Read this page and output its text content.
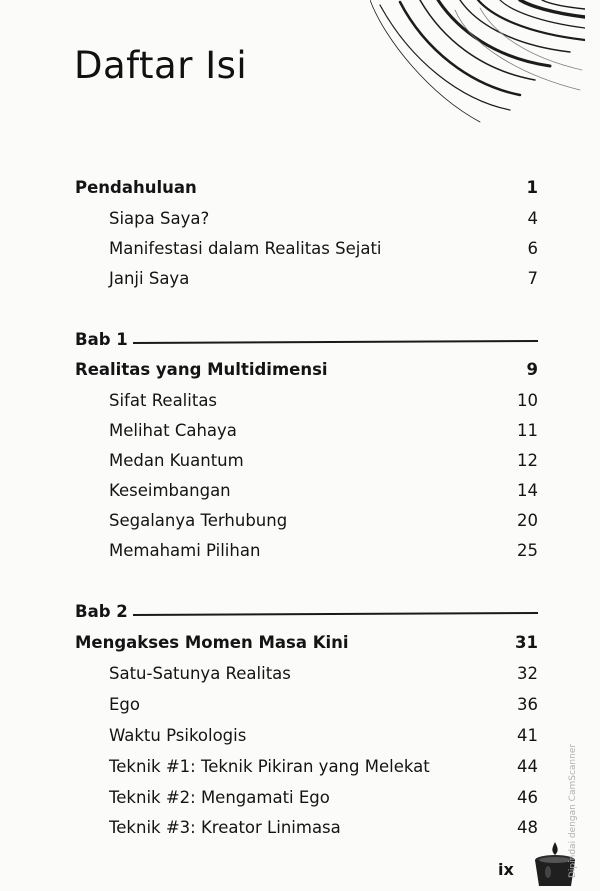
Daftar Isi
Pendahuluan	1
Siapa Saya?	4
Manifestasi dalam Realitas Sejati	6
Janji Saya	7
Bab 1
Realitas yang Multidimensi	9
Sifat Realitas	10
Melihat Cahaya	11
Medan Kuantum	12
Keseimbangan	14
Segalanya Terhubung	20
Memahami Pilihan	25
Bab 2
Mengakses Momen Masa Kini	31
Satu-Satunya Realitas	32
Ego	36
Waktu Psikologis	41
Teknik #1: Teknik Pikiran yang Melekat	44
Teknik #2: Mengamati Ego	46
Teknik #3: Kreator Linimasa	48
ix	Dipindai dengan CamScanner
